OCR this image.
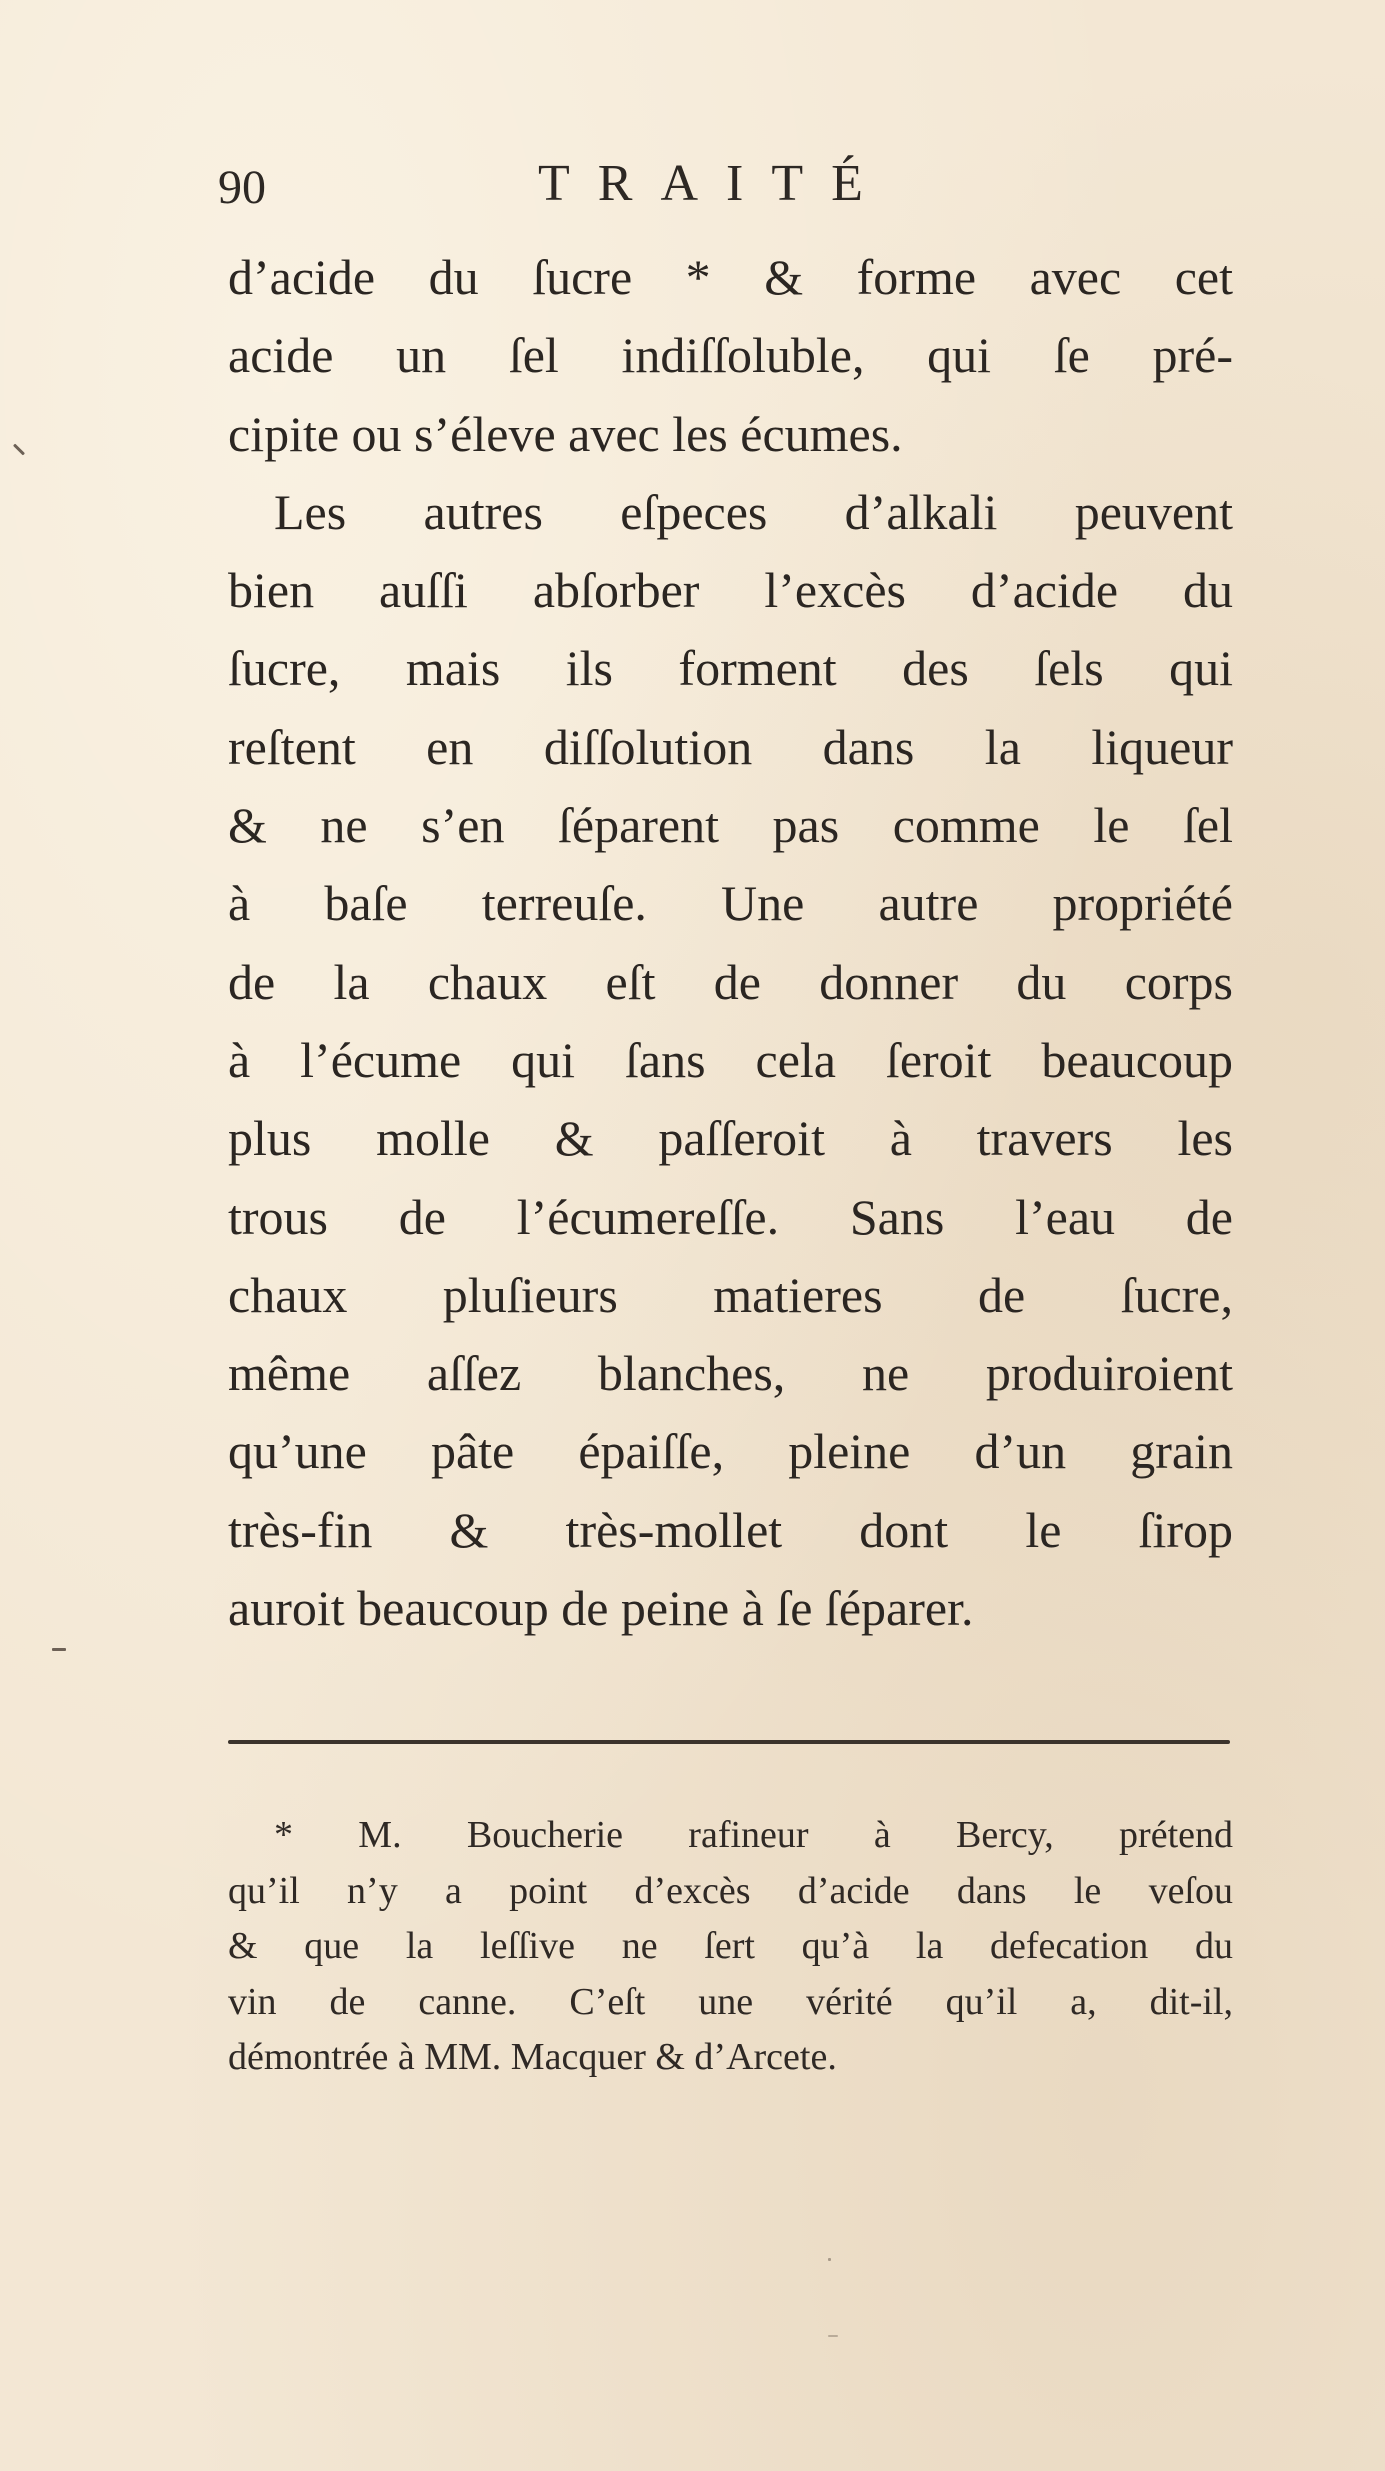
90	TRAITÉ
d’acide du ſucre * & forme avec cet
acide un ſel indiſſoluble, qui ſe pré-
cipite ou s’éleve avec les écumes.
Les autres eſpeces d’alkali peuvent
bien auſſi abſorber l’excès d’acide du
ſucre, mais ils forment des ſels qui
reſtent en diſſolution dans la liqueur
& ne s’en ſéparent pas comme le ſel
à baſe terreuſe. Une autre propriété
de la chaux eſt de donner du corps
à l’écume qui ſans cela ſeroit beaucoup
plus molle & paſſeroit à travers les
trous de l’écumereſſe. Sans l’eau de
chaux pluſieurs matieres de ſucre,
même aſſez blanches, ne produiroient
qu’une pâte épaiſſe, pleine d’un grain
très-fin & très-mollet dont le ſirop
auroit beaucoup de peine à ſe ſéparer.
* M. Boucherie rafineur à Bercy, prétend
qu’il n’y a point d’excès d’acide dans le veſou
& que la leſſive ne ſert qu’à la defecation du
vin de canne. C’eſt une vérité qu’il a, dit-il,
démontrée à MM. Macquer & d’Arcete.
